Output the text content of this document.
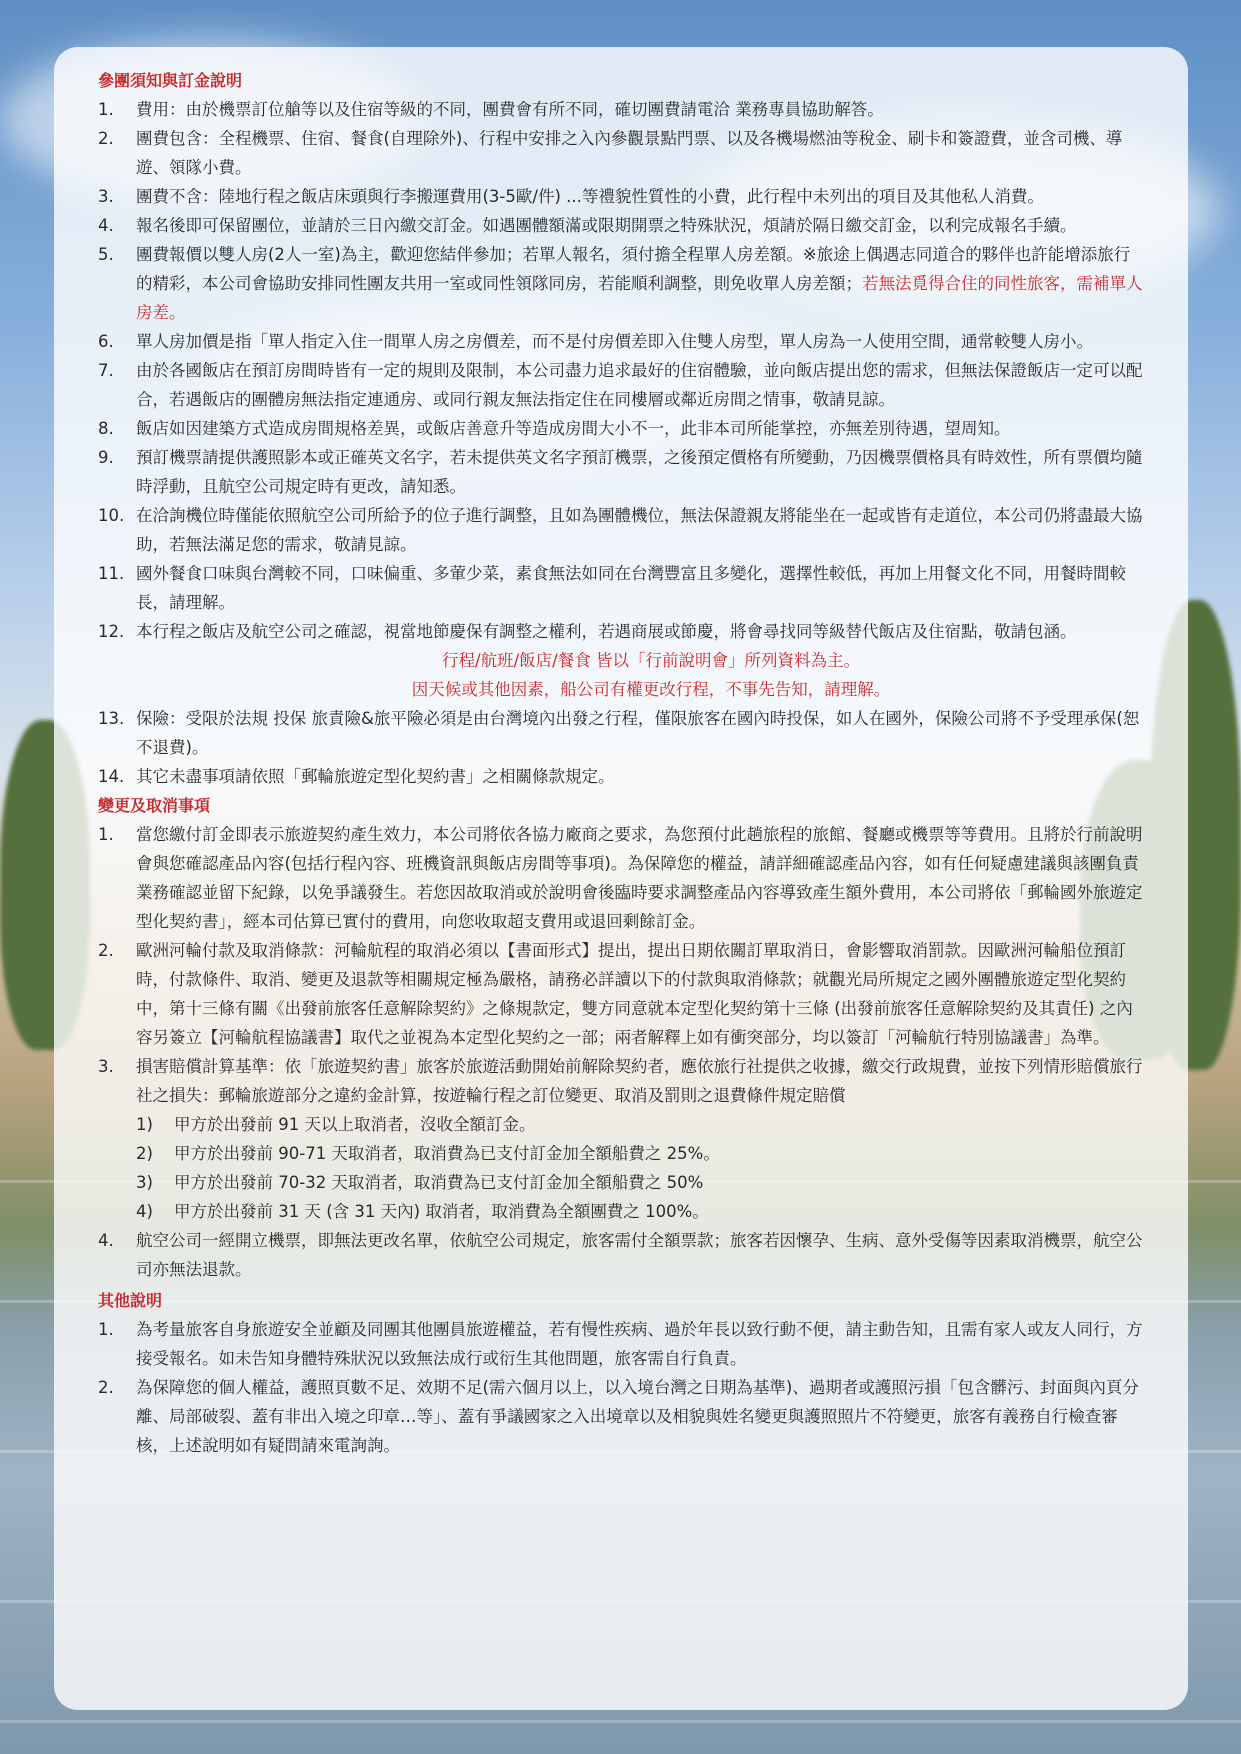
參團須知與訂金說明
1.	費用：由於機票訂位艙等以及住宿等級的不同，團費會有所不同，確切團費請電洽 業務專員協助解答。
2.	團費包含：全程機票、住宿、餐食(自理除外)、行程中安排之入內參觀景點門票、以及各機場燃油等稅金、刷卡和簽證費，並含司機、導遊、領隊小費。
3.	團費不含：陸地行程之飯店床頭與行李搬運費用(3-5歐/件) ...等禮貌性質性的小費，此行程中未列出的項目及其他私人消費。
4.	報名後即可保留團位，並請於三日內繳交訂金。如遇團體額滿或限期開票之特殊狀況，煩請於隔日繳交訂金，以利完成報名手續。
5.	團費報價以雙人房(2人一室)為主，歡迎您結伴參加；若單人報名，須付擔全程單人房差額。※旅途上偶遇志同道合的夥伴也許能增添旅行的精彩，本公司會協助安排同性團友共用一室或同性領隊同房，若能順利調整，則免收單人房差額；若無法覓得合住的同性旅客，需補單人房差。
6.	單人房加價是指「單人指定入住一間單人房之房價差，而不是付房價差即入住雙人房型，單人房為一人使用空間，通常較雙人房小。
7.	由於各國飯店在預訂房間時皆有一定的規則及限制，本公司盡力追求最好的住宿體驗，並向飯店提出您的需求，但無法保證飯店一定可以配合，若遇飯店的團體房無法指定連通房、或同行親友無法指定住在同樓層或鄰近房間之情事，敬請見諒。
8.	飯店如因建築方式造成房間規格差異，或飯店善意升等造成房間大小不一，此非本司所能掌控，亦無差別待遇，望周知。
9.	預訂機票請提供護照影本或正確英文名字，若未提供英文名字預訂機票，之後預定價格有所變動，乃因機票價格具有時效性，所有票價均隨時浮動，且航空公司規定時有更改，請知悉。
10. 在洽詢機位時僅能依照航空公司所給予的位子進行調整，且如為團體機位，無法保證親友將能坐在一起或皆有走道位，本公司仍將盡最大協助，若無法滿足您的需求，敬請見諒。
11. 國外餐食口味與台灣較不同，口味偏重、多葷少菜，素食無法如同在台灣豐富且多變化，選擇性較低，再加上用餐文化不同，用餐時間較長，請理解。
12. 本行程之飯店及航空公司之確認，視當地節慶保有調整之權利，若遇商展或節慶，將會尋找同等級替代飯店及住宿點，敬請包涵。
行程/航班/飯店/餐食 皆以「行前說明會」所列資料為主。
因天候或其他因素，船公司有權更改行程，不事先告知，請理解。
13. 保險：受限於法規 投保 旅責險&旅平險必須是由台灣境內出發之行程，僅限旅客在國內時投保，如人在國外，保險公司將不予受理承保(恕不退費)。
14. 其它未盡事項請依照「郵輪旅遊定型化契約書」之相關條款規定。
變更及取消事項
1.	當您繳付訂金即表示旅遊契約產生效力，本公司將依各協力廠商之要求，為您預付此趟旅程的旅館、餐廳或機票等等費用。且將於行前說明會與您確認產品內容(包括行程內容、班機資訊與飯店房間等事項)。為保障您的權益，請詳細確認產品內容，如有任何疑慮建議與該團負責業務確認並留下紀錄，以免爭議發生。若您因故取消或於說明會後臨時要求調整產品內容導致產生額外費用，本公司將依「郵輪國外旅遊定型化契約書」，經本司估算已實付的費用，向您收取超支費用或退回剩餘訂金。
2.	歐洲河輪付款及取消條款：河輪航程的取消必須以【書面形式】提出，提出日期依關訂單取消日，會影響取消罰款。因歐洲河輪船位預訂時，付款條件、取消、變更及退款等相關規定極為嚴格，請務必詳讀以下的付款與取消條款；就觀光局所規定之國外團體旅遊定型化契約中，第十三條有關《出發前旅客任意解除契約》之條規款定，雙方同意就本定型化契約第十三條 (出發前旅客任意解除契約及其責任) 之內容另簽立【河輪航程協議書】取代之並視為本定型化契約之一部；兩者解釋上如有衝突部分，均以簽訂「河輪航行特別協議書」為準。
3.	損害賠償計算基準：依「旅遊契約書」旅客於旅遊活動開始前解除契約者，應依旅行社提供之收據，繳交行政規費，並按下列情形賠償旅行社之損失：郵輪旅遊部分之違約金計算，按遊輪行程之訂位變更、取消及罰則之退費條件規定賠償
1)	甲方於出發前 91 天以上取消者，沒收全額訂金。
2)	甲方於出發前 90-71 天取消者，取消費為已支付訂金加全額船費之 25%。
3)	甲方於出發前 70-32 天取消者，取消費為已支付訂金加全額船費之 50%
4)	甲方於出發前 31 天 (含 31 天內) 取消者，取消費為全額團費之 100%。
4.	航空公司一經開立機票，即無法更改名單，依航空公司規定，旅客需付全額票款；旅客若因懷孕、生病、意外受傷等因素取消機票，航空公司亦無法退款。
其他說明
1.	為考量旅客自身旅遊安全並顧及同團其他團員旅遊權益，若有慢性疾病、過於年長以致行動不便，請主動告知，且需有家人或友人同行，方接受報名。如未告知身體特殊狀況以致無法成行或衍生其他問題，旅客需自行負責。
2.	為保障您的個人權益，護照頁數不足、效期不足(需六個月以上，以入境台灣之日期為基準)、過期者或護照污損「包含髒污、封面與內頁分離、局部破裂、蓋有非出入境之印章…等」、蓋有爭議國家之入出境章以及相貌與姓名變更與護照照片不符變更，旅客有義務自行檢查審核，上述說明如有疑問請來電詢詢。
